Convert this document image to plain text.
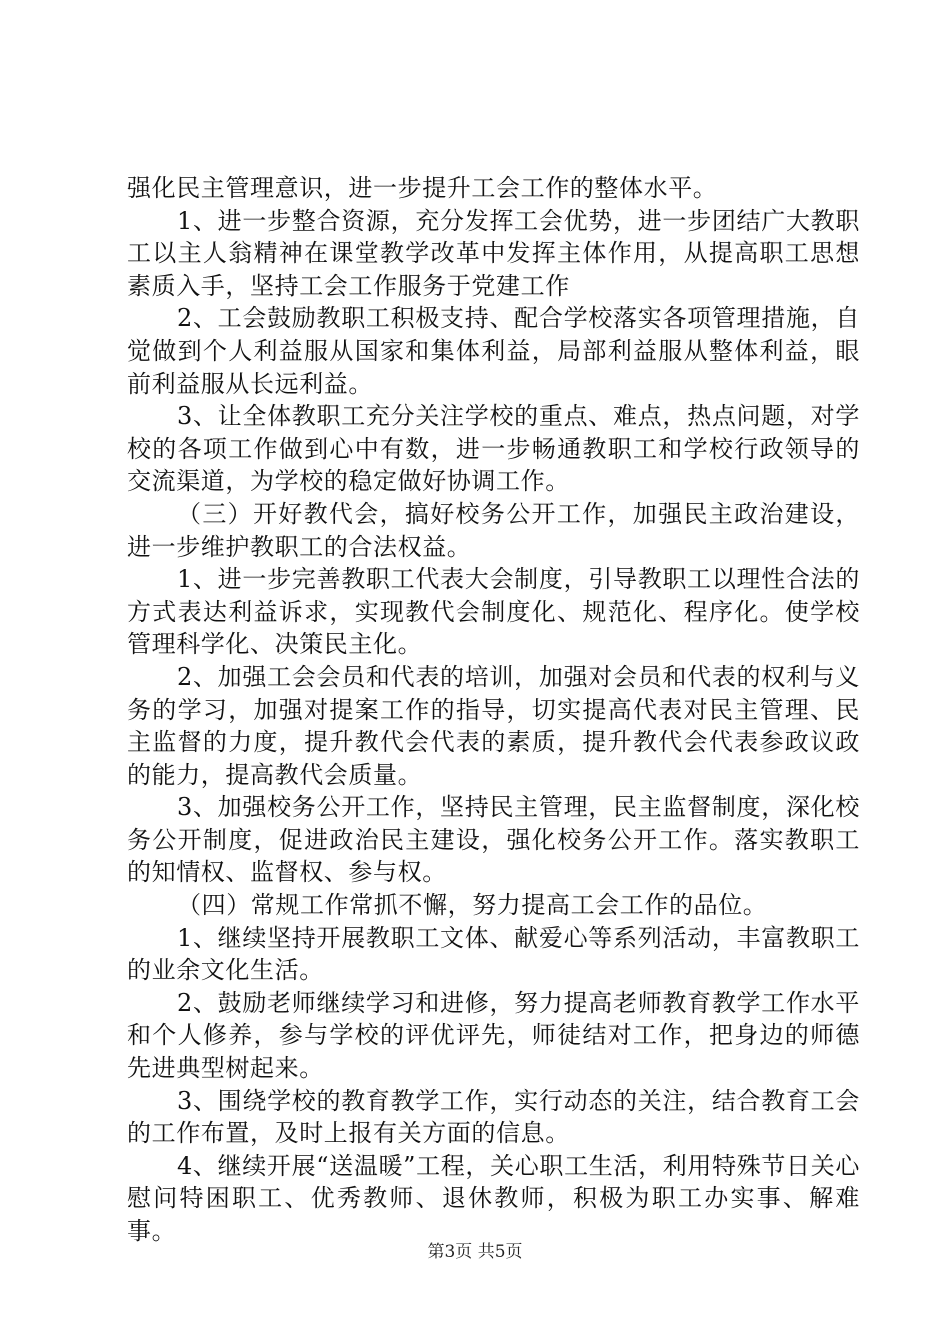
强化民主管理意识，进一步提升工会工作的整体水平。

1、进一步整合资源，充分发挥工会优势，进一步团结广大教职工以主人翁精神在课堂教学改革中发挥主体作用，从提高职工思想素质入手，坚持工会工作服务于党建工作

2、工会鼓励教职工积极支持、配合学校落实各项管理措施，自觉做到个人利益服从国家和集体利益，局部利益服从整体利益，眼前利益服从长远利益。

3、让全体教职工充分关注学校的重点、难点，热点问题，对学校的各项工作做到心中有数，进一步畅通教职工和学校行政领导的交流渠道，为学校的稳定做好协调工作。

（三）开好教代会，搞好校务公开工作，加强民主政治建设，进一步维护教职工的合法权益。

1、进一步完善教职工代表大会制度，引导教职工以理性合法的方式表达利益诉求，实现教代会制度化、规范化、程序化。使学校管理科学化、决策民主化。

2、加强工会会员和代表的培训，加强对会员和代表的权利与义务的学习，加强对提案工作的指导，切实提高代表对民主管理、民主监督的力度，提升教代会代表的素质，提升教代会代表参政议政的能力，提高教代会质量。

3、加强校务公开工作，坚持民主管理，民主监督制度，深化校务公开制度，促进政治民主建设，强化校务公开工作。落实教职工的知情权、监督权、参与权。

（四）常规工作常抓不懈，努力提高工会工作的品位。

1、继续坚持开展教职工文体、献爱心等系列活动，丰富教职工的业余文化生活。

2、鼓励老师继续学习和进修，努力提高老师教育教学工作水平和个人修养，参与学校的评优评先，师徒结对工作，把身边的师德先进典型树起来。

3、围绕学校的教育教学工作，实行动态的关注，结合教育工会的工作布置，及时上报有关方面的信息。

4、继续开展“送温暖”工程，关心职工生活，利用特殊节日关心慰问特困职工、优秀教师、退休教师，积极为职工办实事、解难事。

第3页 共5页
